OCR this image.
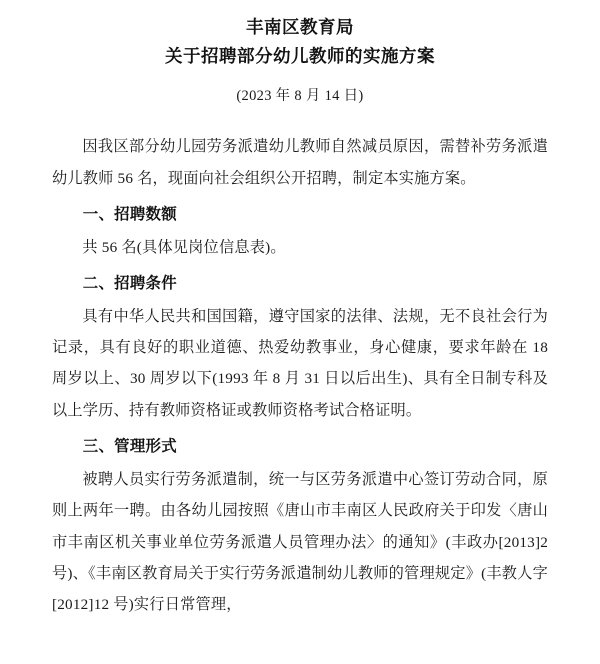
丰南区教育局
关于招聘部分幼儿教师的实施方案
(2023 年 8 月 14 日)

因我区部分幼儿园劳务派遣幼儿教师自然减员原因，需替补劳务派遣幼儿教师 56 名，现面向社会组织公开招聘，制定本实施方案。

一、招聘数额

共 56 名(具体见岗位信息表)。

二、招聘条件

具有中华人民共和国国籍，遵守国家的法律、法规，无不良社会行为记录，具有良好的职业道德、热爱幼教事业，身心健康，要求年龄在 18 周岁以上、30 周岁以下(1993 年 8 月 31 日以后出生)、具有全日制专科及以上学历、持有教师资格证或教师资格考试合格证明。

三、管理形式

被聘人员实行劳务派遣制，统一与区劳务派遣中心签订劳动合同，原则上两年一聘。由各幼儿园按照《唐山市丰南区人民政府关于印发〈唐山市丰南区机关事业单位劳务派遣人员管理办法〉的通知》(丰政办[2013]2 号)、《丰南区教育局关于实行劳务派遣制幼儿教师的管理规定》(丰教人字[2012]12 号)实行日常管理，
